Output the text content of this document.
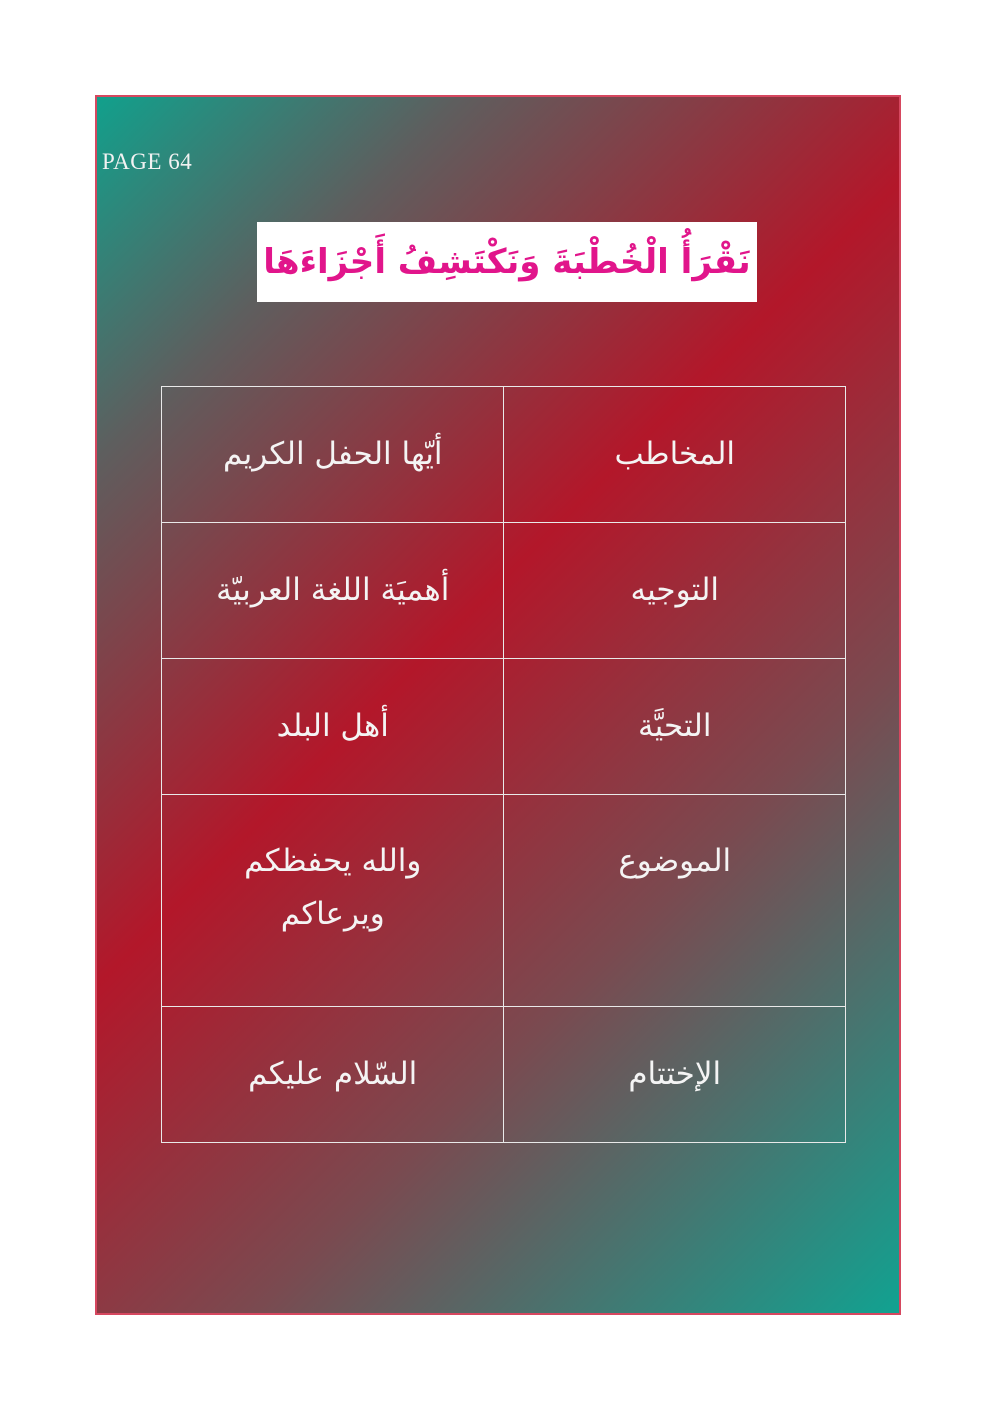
PAGE 64
نَقْرَأُ الْخُطْبَةَ وَنَكْتَشِفُ أَجْزَاءَهَا
المخاطب	أيّها الحفل الكريم
التوجيه	أهميَة اللغة العربيّة
التحيَّة	أهل البلد
الموضوع	والله يحفظكم
ويرعاكم
الإختتام	السّلام عليكم
